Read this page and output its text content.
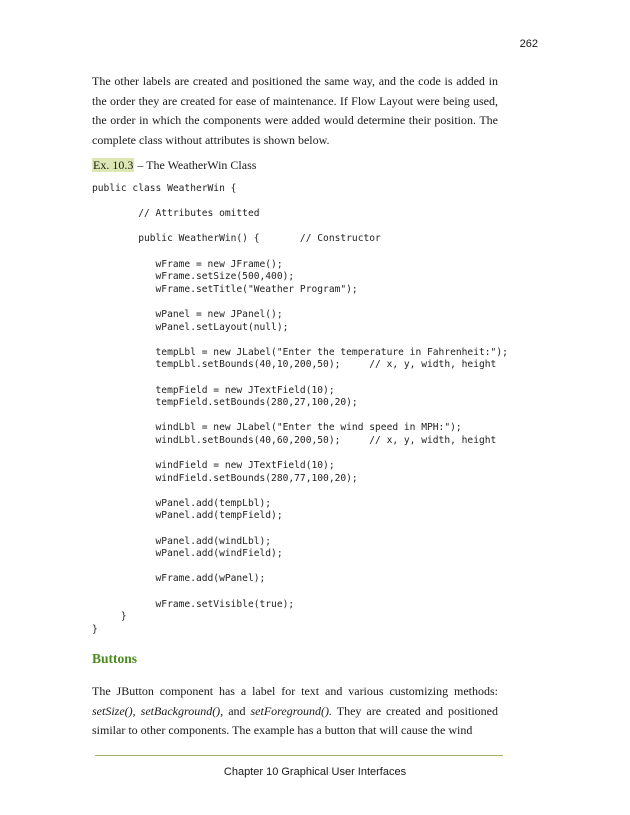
262

The other labels are created and positioned the same way, and the code is added in the order they are created for ease of maintenance. If Flow Layout were being used, the order in which the components were added would determine their position. The complete class without attributes is shown below.

Ex. 10.3 – The WeatherWin Class
public class WeatherWin {

// Attributes omitted

public WeatherWin() {       // Constructor

wFrame = new JFrame();
wFrame.setSize(500,400);
wFrame.setTitle("Weather Program");

wPanel = new JPanel();
wPanel.setLayout(null);

tempLbl = new JLabel("Enter the temperature in Fahrenheit:");
tempLbl.setBounds(40,10,200,50);     // x, y, width, height

tempField = new JTextField(10);
tempField.setBounds(280,27,100,20);

windLbl = new JLabel("Enter the wind speed in MPH:");
windLbl.setBounds(40,60,200,50);     // x, y, width, height

windField = new JTextField(10);
windField.setBounds(280,77,100,20);

wPanel.add(tempLbl);
wPanel.add(tempField);

wPanel.add(windLbl);
wPanel.add(windField);

wFrame.add(wPanel);

wFrame.setVisible(true);
}
}
Buttons

The JButton component has a label for text and various customizing methods: setSize(), setBackground(), and setForeground(). They are created and positioned similar to other components. The example has a button that will cause the wind

Chapter 10 Graphical User Interfaces
